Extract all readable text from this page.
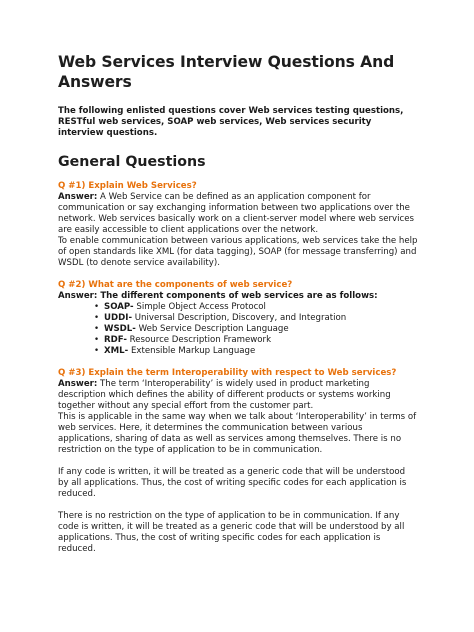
Web Services Interview Questions And
Answers

The following enlisted questions cover Web services testing questions, RESTful web services, SOAP web services, Web services security interview questions.

General Questions
Q #1) Explain Web Services?
Answer: A Web Service can be defined as an application component for communication or say exchanging information between two applications over the network. Web services basically work on a client-server model where web services are easily accessible to client applications over the network.
To enable communication between various applications, web services take the help of open standards like XML (for data tagging), SOAP (for message transferring) and WSDL (to denote service availability).
Q #2) What are the components of web service?
Answer: The different components of web services are as follows:
• SOAP- Simple Object Access Protocol
• UDDI- Universal Description, Discovery, and Integration
• WSDL- Web Service Description Language
• RDF- Resource Description Framework
• XML- Extensible Markup Language
Q #3) Explain the term Interoperability with respect to Web services?
Answer: The term ‘Interoperability’ is widely used in product marketing description which defines the ability of different products or systems working together without any special effort from the customer part.
This is applicable in the same way when we talk about ‘Interoperability’ in terms of web services. Here, it determines the communication between various applications, sharing of data as well as services among themselves. There is no restriction on the type of application to be in communication.
If any code is written, it will be treated as a generic code that will be understood by all applications. Thus, the cost of writing specific codes for each application is reduced.
There is no restriction on the type of application to be in communication. If any code is written, it will be treated as a generic code that will be understood by all applications. Thus, the cost of writing specific codes for each application is reduced.
